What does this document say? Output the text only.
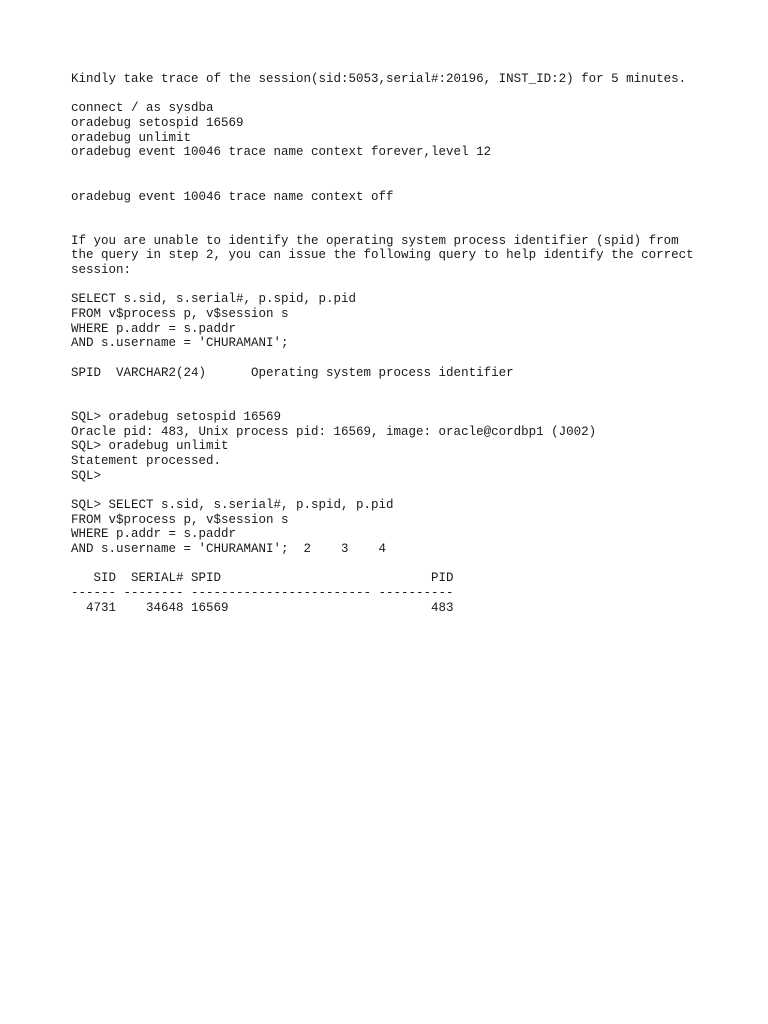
Kindly take trace of the session(sid:5053,serial#:20196, INST_ID:2) for 5 minutes.
connect / as sysdba
oradebug setospid 16569
oradebug unlimit
oradebug event 10046 trace name context forever,level 12
oradebug event 10046 trace name context off
If you are unable to identify the operating system process identifier (spid) from
the query in step 2, you can issue the following query to help identify the correct
session:
SELECT s.sid, s.serial#, p.spid, p.pid
FROM v$process p, v$session s
WHERE p.addr = s.paddr
AND s.username = 'CHURAMANI';
SPID  VARCHAR2(24)      Operating system process identifier
SQL> oradebug setospid 16569
Oracle pid: 483, Unix process pid: 16569, image: oracle@cordbp1 (J002)
SQL> oradebug unlimit
Statement processed.
SQL>
SQL> SELECT s.sid, s.serial#, p.spid, p.pid
FROM v$process p, v$session s
WHERE p.addr = s.paddr
AND s.username = 'CHURAMANI';  2    3    4
SID  SERIAL# SPID                            PID
------ -------- ------------------------ ----------
4731    34648 16569                           483
